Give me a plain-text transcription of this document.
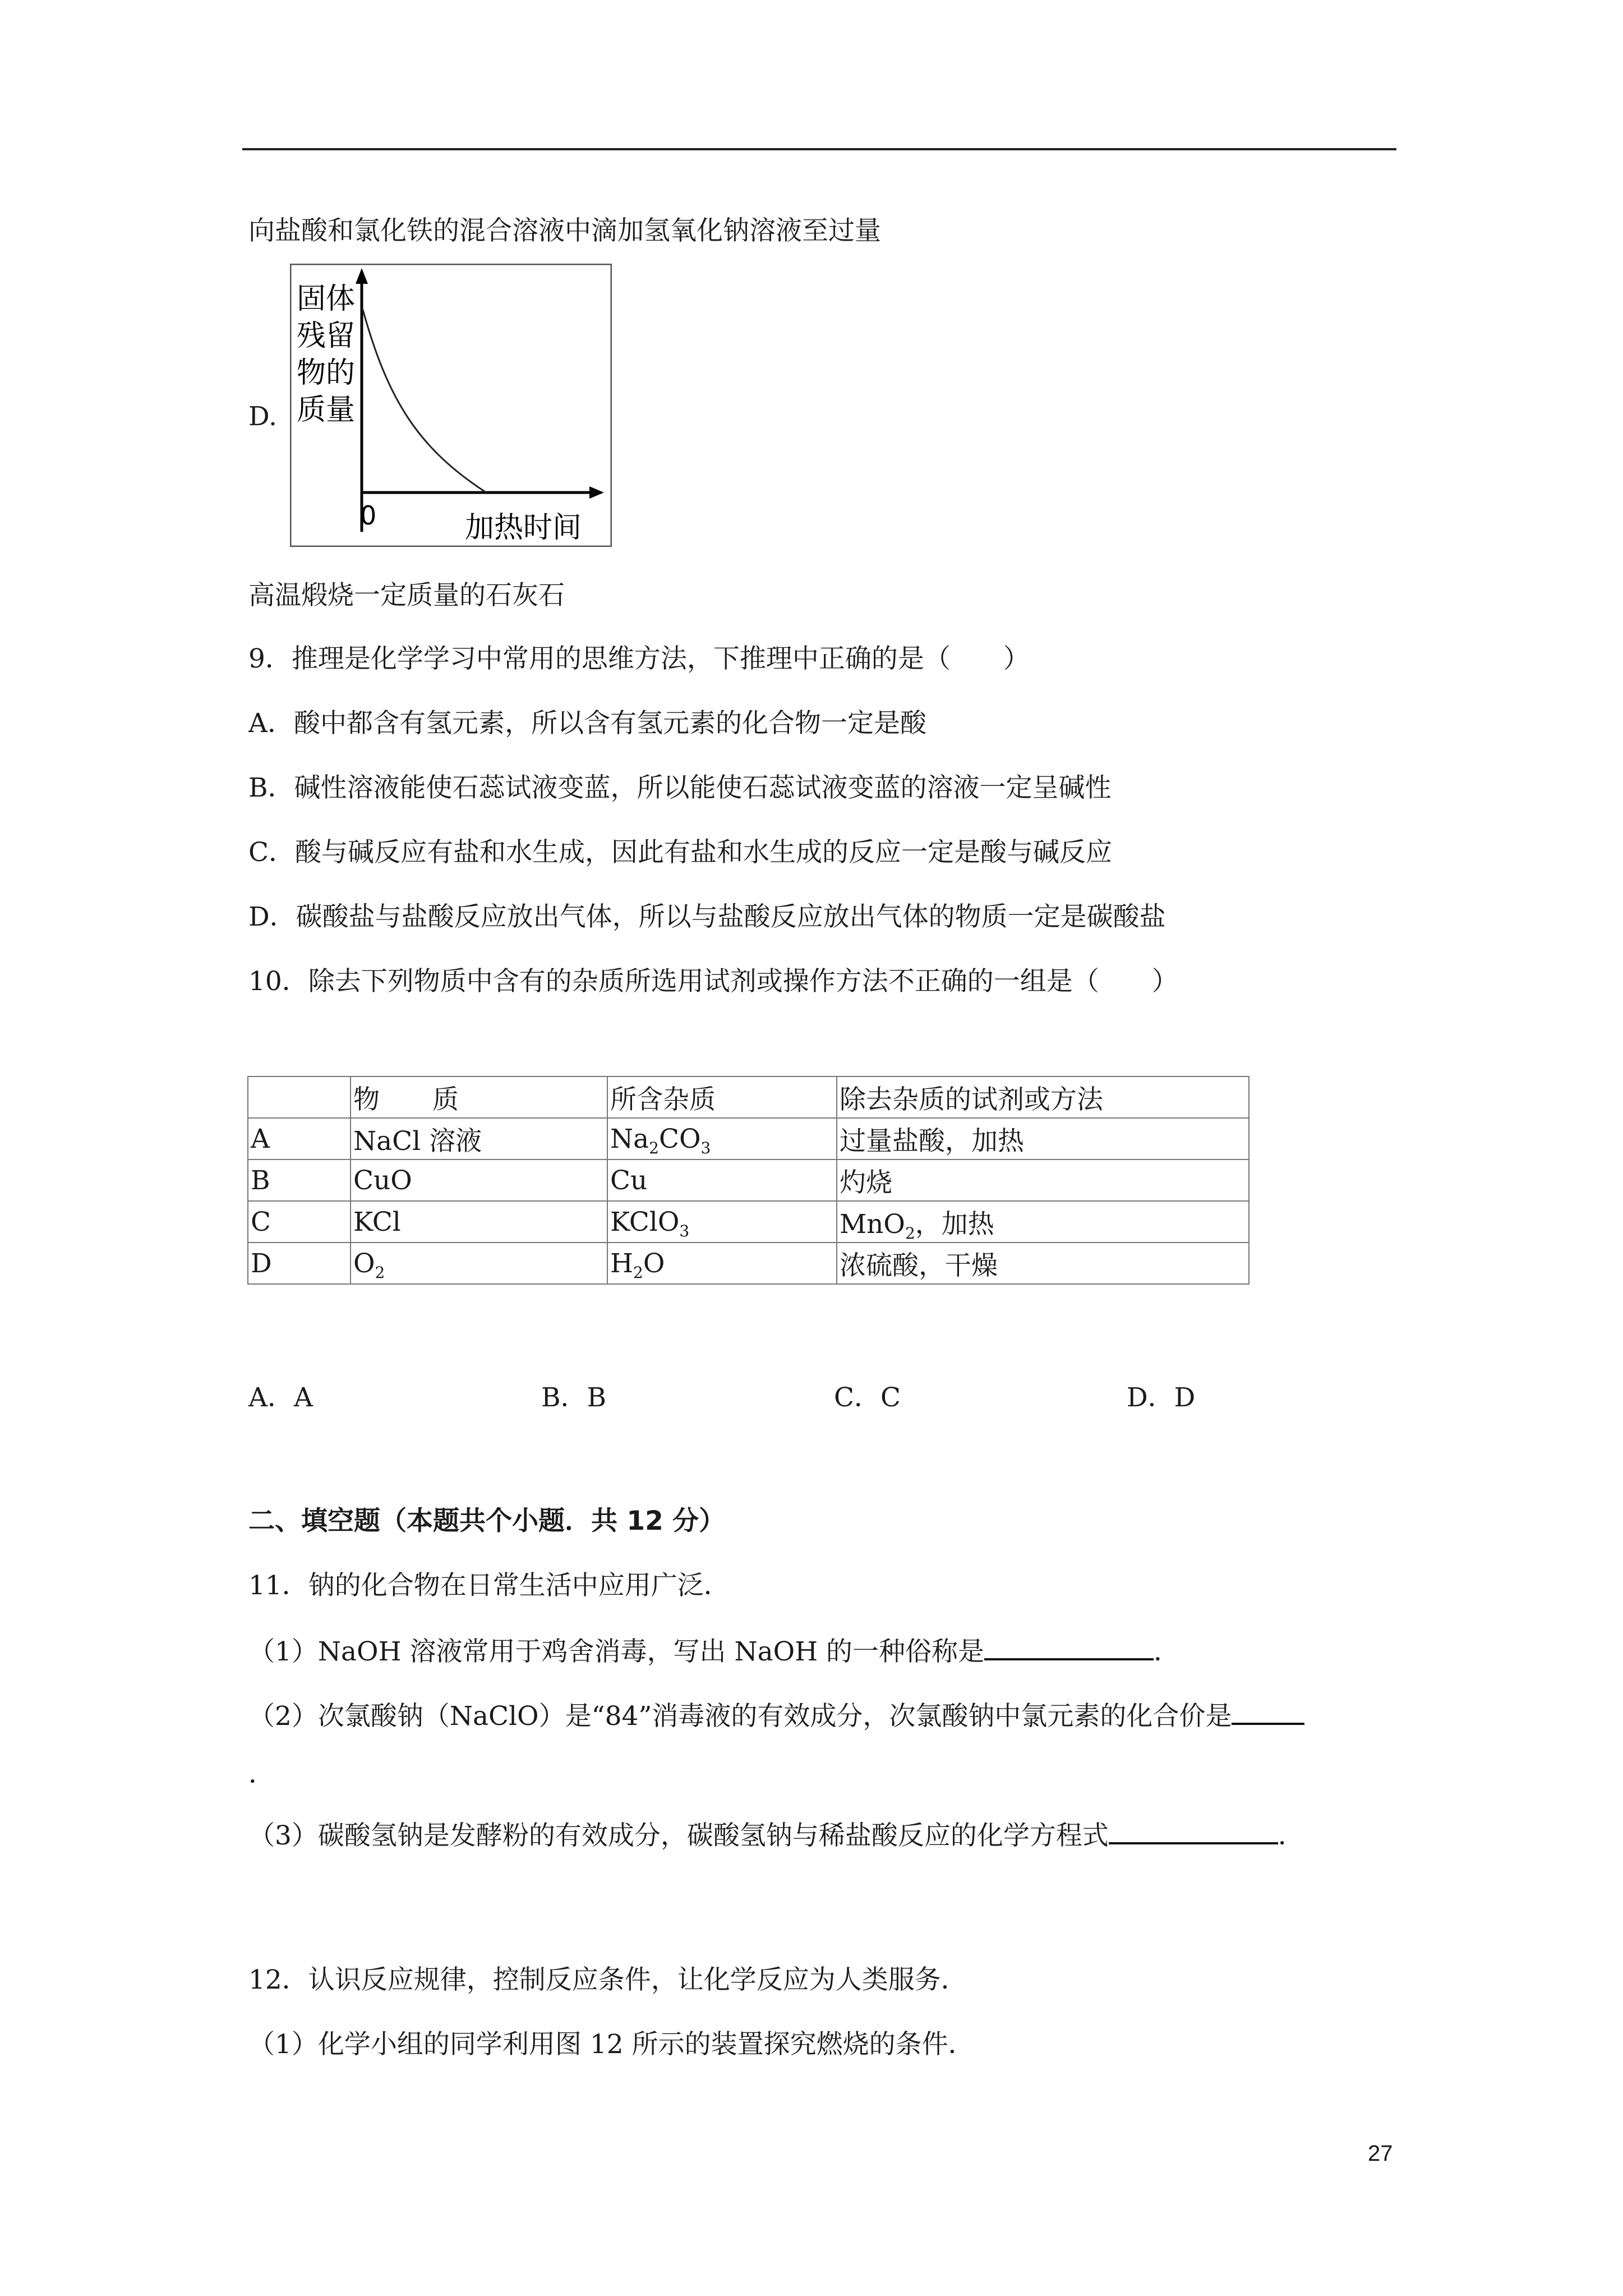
向盐酸和氯化铁的混合溶液中滴加氢氧化钠溶液至过量
D.
固体
残留
物的
质量
0	加热时间
高温煅烧一定质量的石灰石
9．推理是化学学习中常用的思维方法，下推理中正确的是（　　）
A．酸中都含有氢元素，所以含有氢元素的化合物一定是酸
B．碱性溶液能使石蕊试液变蓝，所以能使石蕊试液变蓝的溶液一定呈碱性
C．酸与碱反应有盐和水生成，因此有盐和水生成的反应一定是酸与碱反应
D．碳酸盐与盐酸反应放出气体，所以与盐酸反应放出气体的物质一定是碳酸盐
10．除去下列物质中含有的杂质所选用试剂或操作方法不正确的一组是（　　）
	物　　质	所含杂质	除去杂质的试剂或方法
A	NaCl 溶液	$Na_2CO_3$	过量盐酸，加热
B	CuO	Cu	灼烧
C	KCl	KClO$_3$	MnO$_2$，加热
D	$O_2$	$H_2O$	浓硫酸，干燥
A．A	B．B	C．C	D．D
二、填空题（本题共个小题．共 12 分）
11．钠的化合物在日常生活中应用广泛．
（1）NaOH 溶液常用于鸡舍消毒，写出 NaOH 的一种俗称是	．
（2）次氯酸钠（NaClO）是“84”消毒液的有效成分，次氯酸钠中氯元素的化合价是
．
（3）碳酸氢钠是发酵粉的有效成分，碳酸氢钠与稀盐酸反应的化学方程式	．
12．认识反应规律，控制反应条件，让化学反应为人类服务．
（1）化学小组的同学利用图 12 所示的装置探究燃烧的条件．
27
